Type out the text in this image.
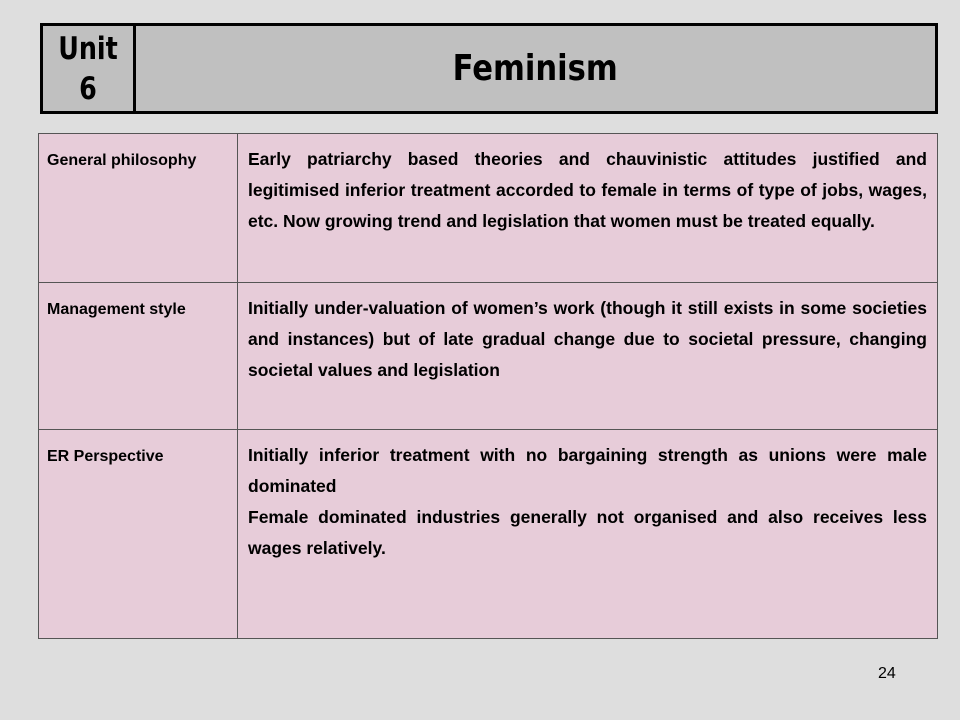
Unit 6	Feminism
General philosophy	Early patriarchy based theories and chauvinistic attitudes justified and legitimised inferior treatment accorded to female in terms of type of jobs, wages, etc. Now growing trend and legislation that women must be treated equally.

Management style	Initially under-valuation of women’s work (though it still exists in some societies and instances) but of late gradual change due to societal pressure, changing societal values and legislation

ER Perspective	Initially inferior treatment with no bargaining strength as unions were male dominated

Female dominated industries generally not organised and also receives less wages relatively.

24
